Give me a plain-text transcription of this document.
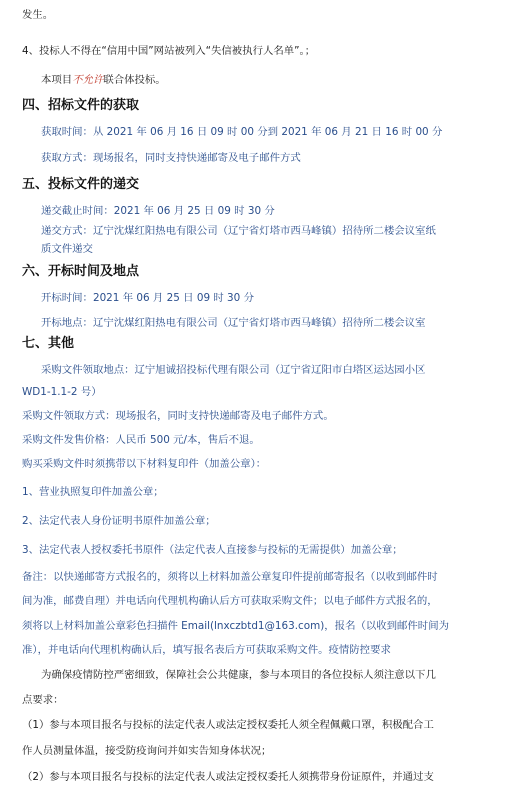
发生。
4、投标人不得在“信用中国”网站被列入“失信被执行人名单”。；
本项目不允许联合体投标。
四、招标文件的获取
获取时间：从 2021 年 06 月 16 日 09 时 00 分到 2021 年 06 月 21 日 16 时 00 分
获取方式：现场报名，同时支持快递邮寄及电子邮件方式
五、投标文件的递交
递交截止时间：2021 年 06 月 25 日 09 时 30 分
递交方式：辽宁沈煤红阳热电有限公司（辽宁省灯塔市西马峰镇）招待所二楼会议室纸
质文件递交
六、开标时间及地点
开标时间：2021 年 06 月 25 日 09 时 30 分
开标地点：辽宁沈煤红阳热电有限公司（辽宁省灯塔市西马峰镇）招待所二楼会议室
七、其他
采购文件领取地点：辽宁旭诚招投标代理有限公司（辽宁省辽阳市白塔区运达园小区
WD1-1.1-2 号）
采购文件领取方式：现场报名，同时支持快递邮寄及电子邮件方式。
采购文件发售价格：人民币 500 元/本，售后不退。
购买采购文件时须携带以下材料复印件（加盖公章）：
1、营业执照复印件加盖公章；
2、法定代表人身份证明书原件加盖公章；
3、法定代表人授权委托书原件（法定代表人直接参与投标的无需提供）加盖公章；
备注：以快递邮寄方式报名的，须将以上材料加盖公章复印件提前邮寄报名（以收到邮件时
间为准，邮费自理）并电话向代理机构确认后方可获取采购文件；以电子邮件方式报名的，
须将以上材料加盖公章彩色扫描件 Email(lnxczbtd1@163.com)，报名（以收到邮件时间为
准），并电话向代理机构确认后，填写报名表后方可获取采购文件。疫情防控要求
为确保疫情防控严密细致，保障社会公共健康，参与本项目的各位投标人须注意以下几
点要求：
（1）参与本项目报名与投标的法定代表人或法定授权委托人须全程佩戴口罩，积极配合工
作人员测量体温，接受防疫询问并如实告知身体状况；
（2）参与本项目报名与投标的法定代表人或法定授权委托人须携带身份证原件，并通过支
